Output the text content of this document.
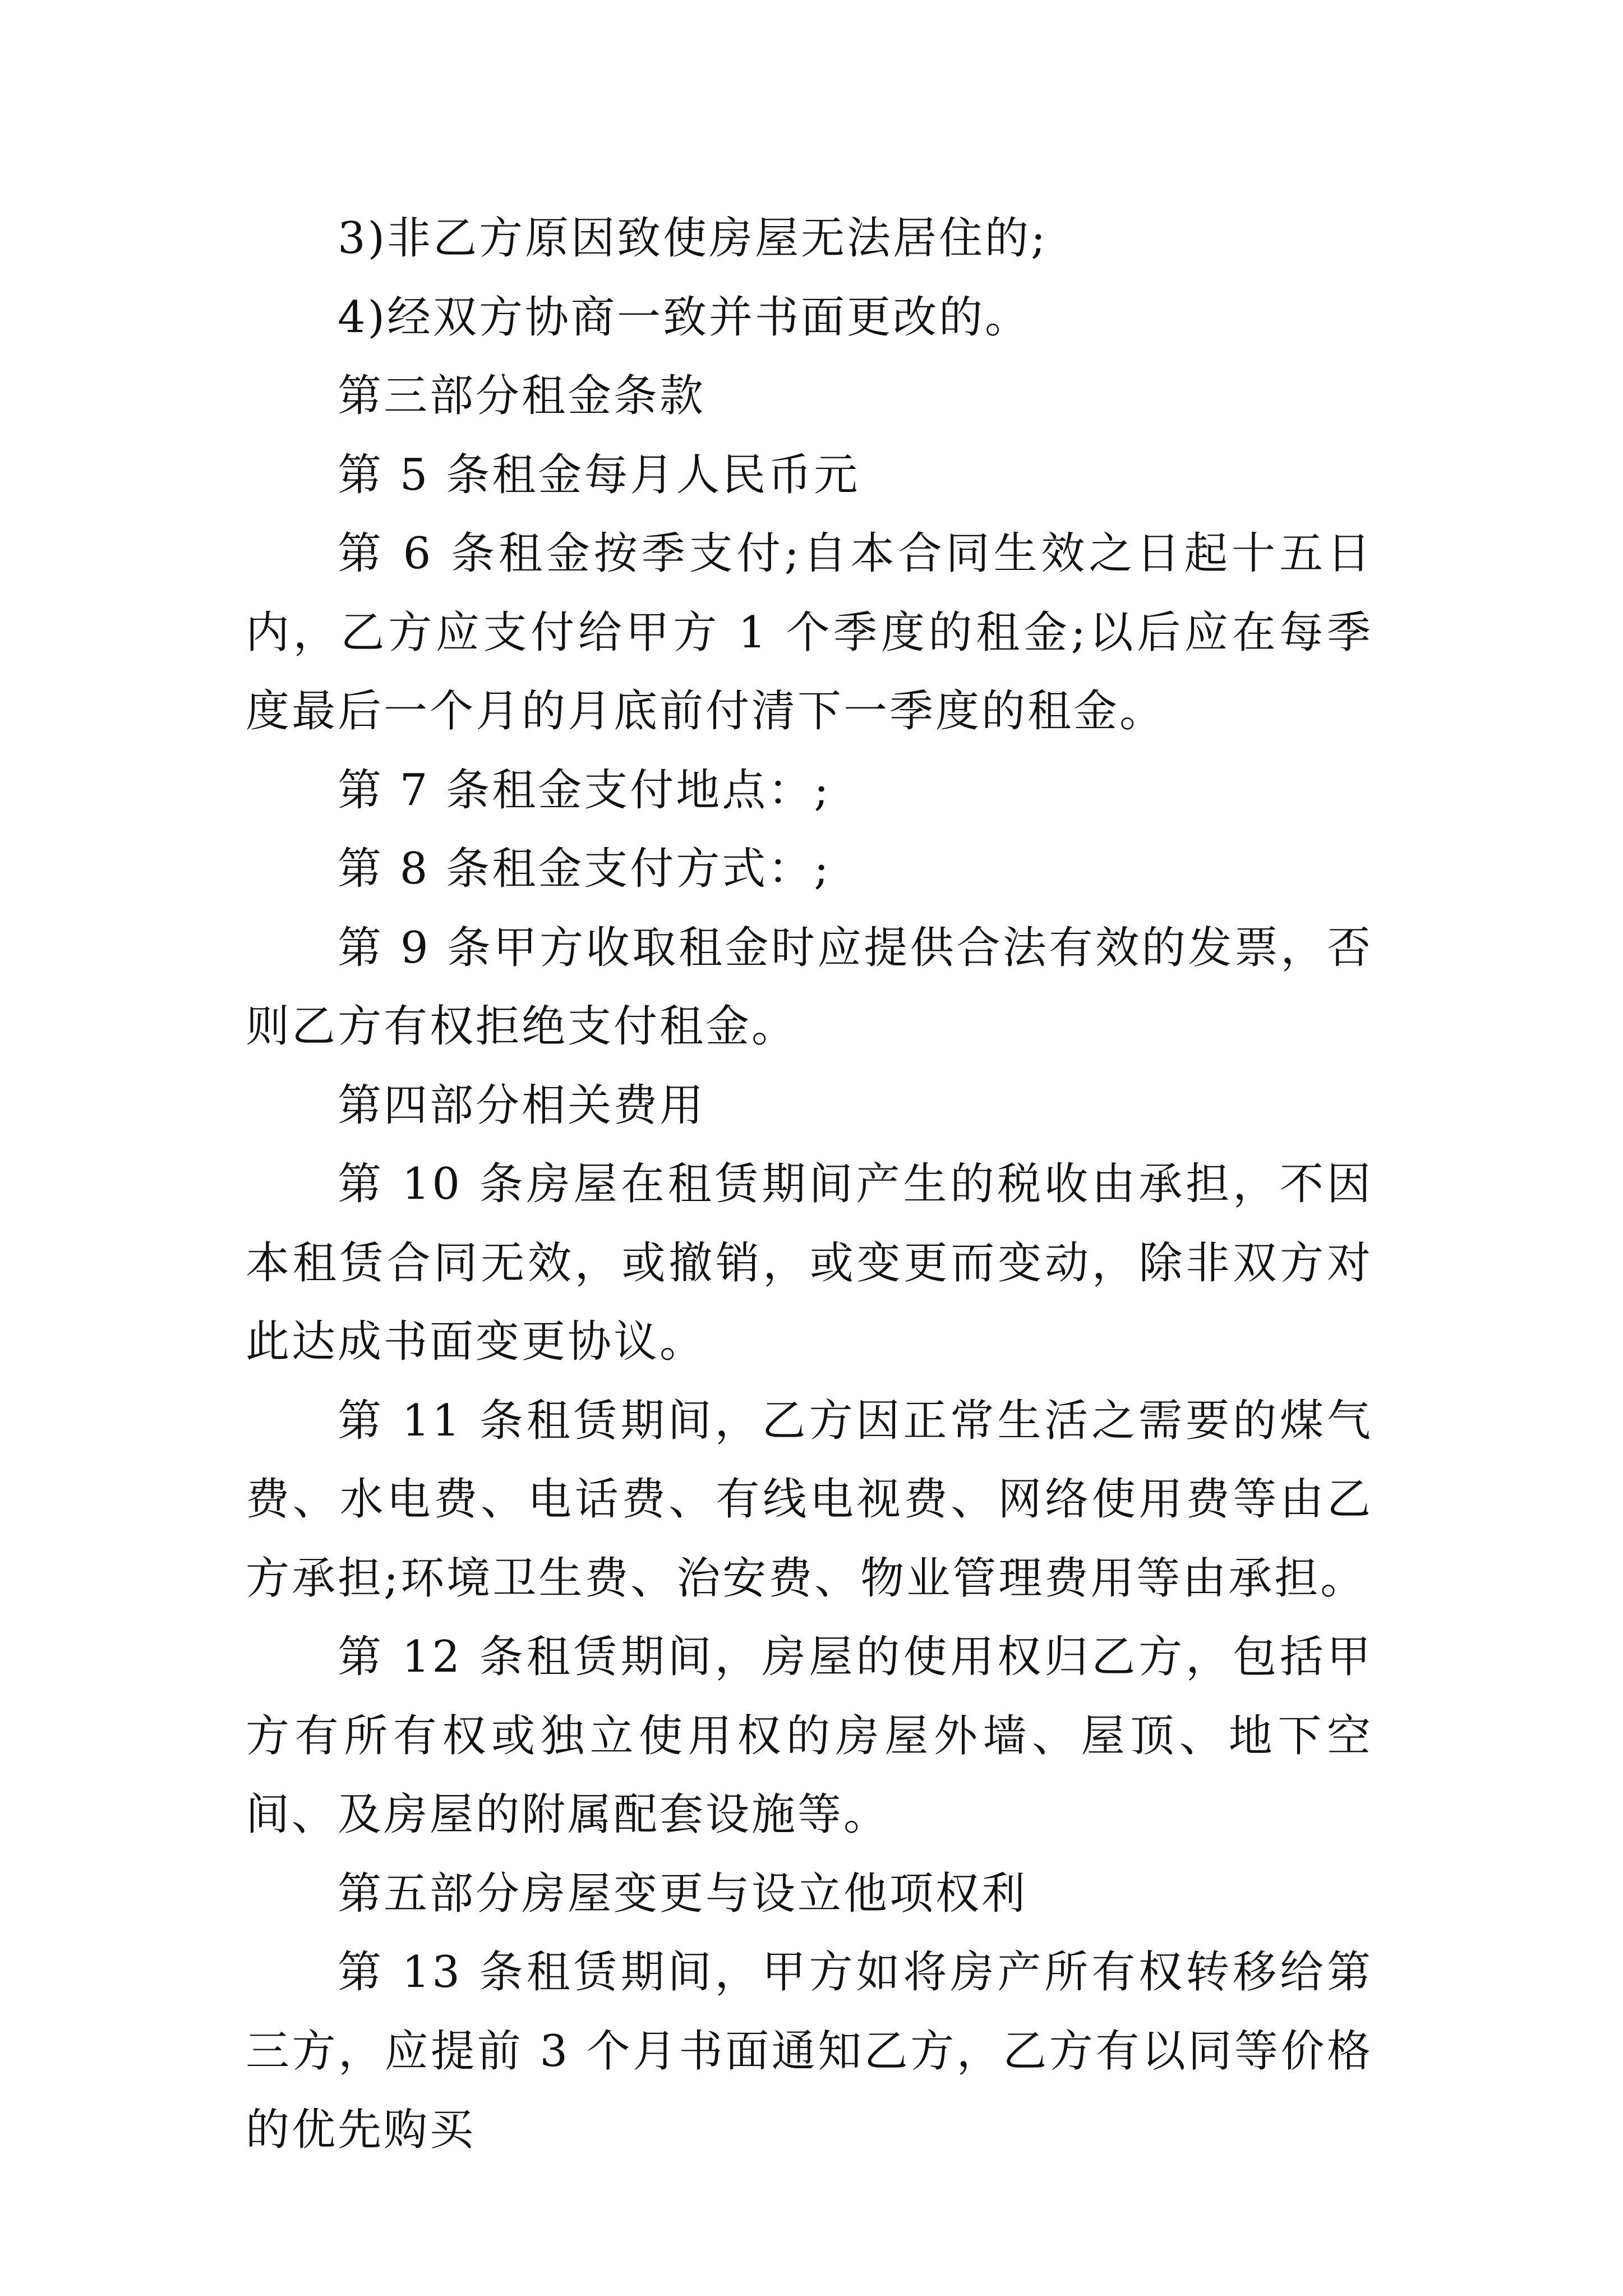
3)非乙方原因致使房屋无法居住的;

4)经双方协商一致并书面更改的。

第三部分租金条款

第 5 条租金每月人民币元

第 6 条租金按季支付;自本合同生效之日起十五日内，乙方应支付给甲方 1 个季度的租金;以后应在每季度最后一个月的月底前付清下一季度的租金。

第 7 条租金支付地点：;

第 8 条租金支付方式：;

第 9 条甲方收取租金时应提供合法有效的发票，否则乙方有权拒绝支付租金。

第四部分相关费用

第 10 条房屋在租赁期间产生的税收由承担，不因本租赁合同无效，或撤销，或变更而变动，除非双方对此达成书面变更协议。

第 11 条租赁期间，乙方因正常生活之需要的煤气费、水电费、电话费、有线电视费、网络使用费等由乙方承担;环境卫生费、治安费、物业管理费用等由承担。

第 12 条租赁期间，房屋的使用权归乙方，包括甲方有所有权或独立使用权的房屋外墙、屋顶、地下空间、及房屋的附属配套设施等。

第五部分房屋变更与设立他项权利

第 13 条租赁期间，甲方如将房产所有权转移给第三方，应提前 3 个月书面通知乙方，乙方有以同等价格的优先购买
